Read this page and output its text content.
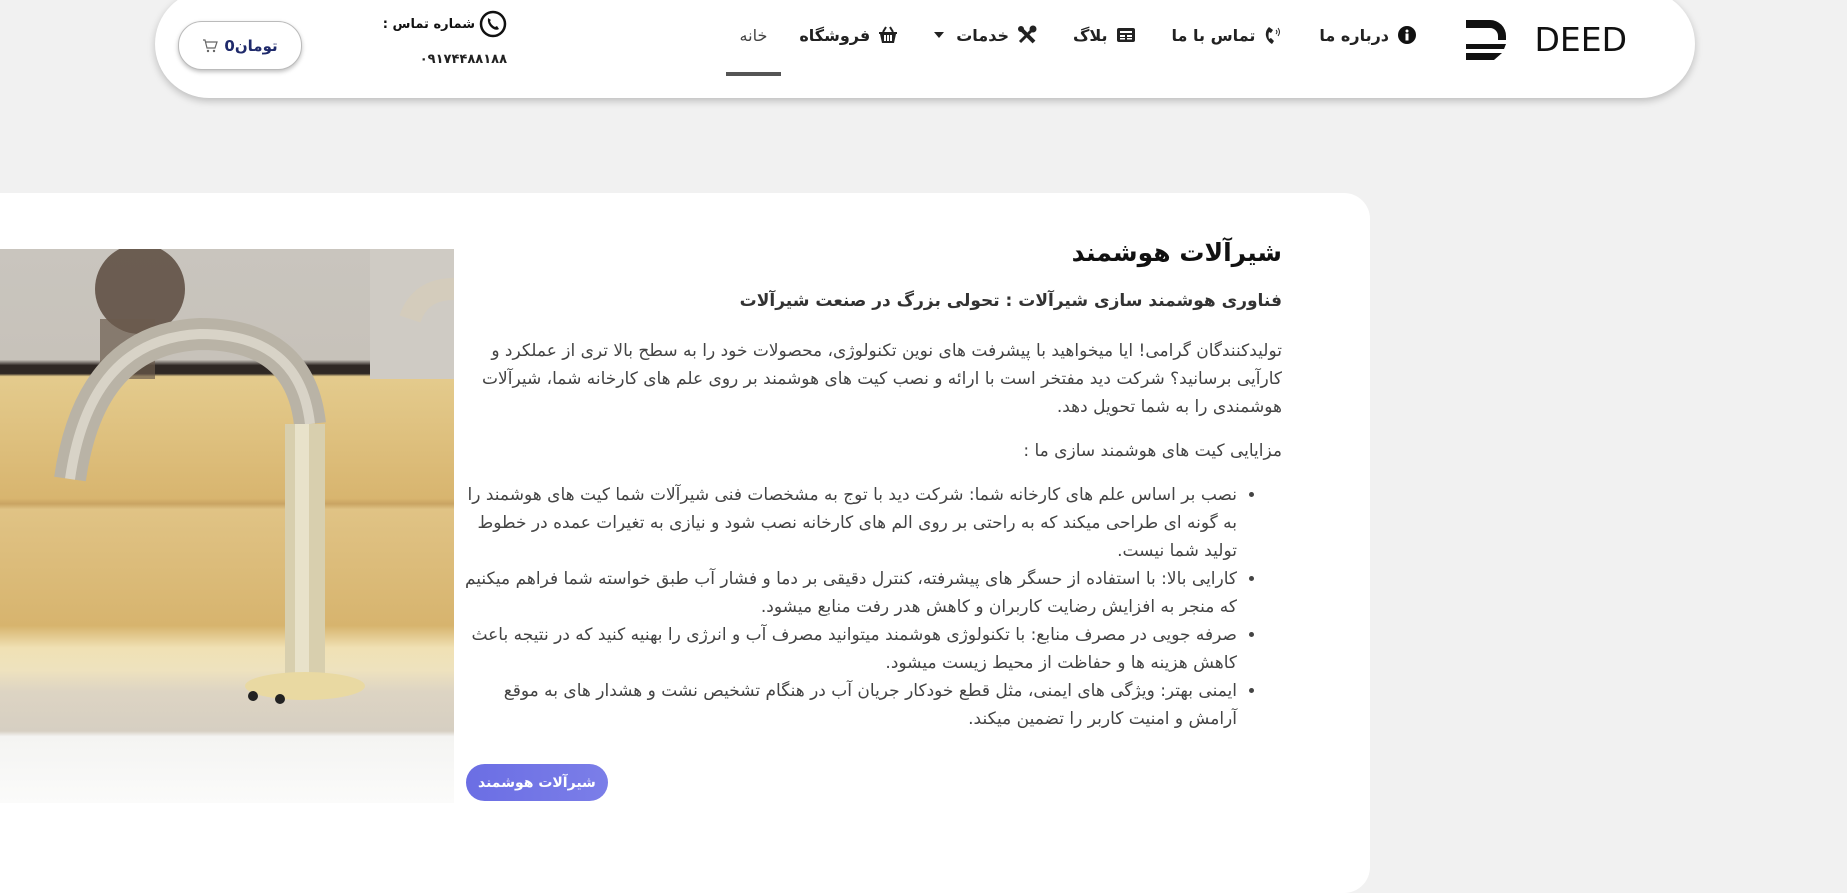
DEED
خانه فروشگاه	خدمات	بلاگ	تماس با ما	درباره ما
شماره تماس :
۰۹۱۷۴۴۸۸۱۸۸
تومان0
شیرآلات هوشمند
فناوری هوشمند سازی شیرآلات : تحولی بزرگ در صنعت شیرآلات

تولیدکنندگان گرامی! ایا میخواهید با پیشرفت های نوین تکنولوژی، محصولات خود را به سطح بالا تری از عملکرد و کارآیی برسانید؟ شرکت دید مفتخر است با ارائه و نصب کیت های هوشمند بر روی علم های کارخانه شما، شیرآلات هوشمندی را به شما تحویل دهد.

مزایایی کیت های هوشمند سازی ما :

• نصب بر اساس علم های کارخانه شما: شرکت دید با توج به مشخصات فنی شیرآلات شما کیت های هوشمند را به گونه ای طراحی میکند که به راحتی بر روی الم های کارخانه نصب شود و نیازی به تغیرات عمده در خطوط تولید شما نیست.
• کارایی بالا: با استفاده از حسگر های پیشرفته، کنترل دقیقی بر دما و فشار آب طبق خواسته شما فراهم میکنیم که منجر به افزایش رضایت کاربران و کاهش هدر رفت منابع میشود.
• صرفه جویی در مصرف منابع: با تکنولوژی هوشمند میتوانید مصرف آب و انرژی را بهنیه کنید که در نتیجه باعث کاهش هزینه ها و حفاظت از محیط زیست میشود.
• ایمنی بهتر: ویژگی های ایمنی، مثل قطع خودکار جریان آب در هنگام تشخیص نشت و هشدار های به موقع آرامش و امنیت کاربر را تضمین میکند.
شیرآلات هوشمند
